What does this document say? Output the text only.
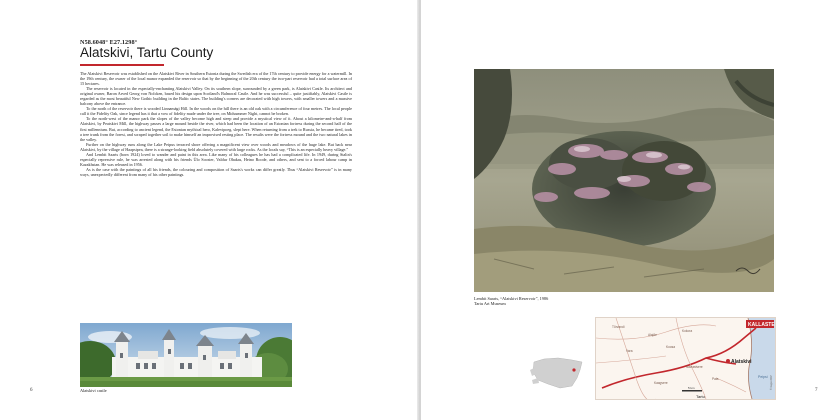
N58.6048° E27.1298°
Alatskivi, Tartu County

The Alatskivi Reservoir was established on the Alatskivi River in Southern Estonia during the Swedish era of the 17th century to provide energy for a watermill. In the 19th century, the owner of the local manor expanded the reservoir so that by the beginning of the 20th century the two-part reservoir had a total surface area of 15 hectares.

The reservoir is located in the especially-enchanting Alatskivi Valley. On its southern slope, surrounded by a green park, is Alatskivi Castle. Its architect and original owner, Baron Arved Georg von Nolcken, based his design upon Scotland's Balmoral Castle. And he was successful – quite justifiably, Alatskivi Castle is regarded as the most beautiful New Gothic building in the Baltic states. The building's corners are decorated with high towers, with smaller towers and a massive balcony above the entrance.

To the north of the reservoir there is wooded Linnamägi Hill. In the woods on the hill there is an old oak with a circumference of four metres. The local people call it the Fidelity Oak, since legend has it that a vow of fidelity made under the tree, on Midsummer Night, cannot be broken.

To the north-west of the manor park the slopes of the valley become high and steep and provide a mystical view of it. About a kilometre-and-a-half from Alatskivi, by Peatskivi Mill, the highway passes a large mound beside the river, which had been the location of an Estonian fortress during the second half of the first millennium. But, according to ancient legend, the Estonian mythical hero, Kalevipoeg, slept here. When returning from a trek to Russia, he became tired, took a tree trunk from the forest, and scraped together soil to make himself an improvised resting place. The results were the fortress mound and the two natural lakes in the valley.

Further on the highway runs along the Lake Peipus terraced shore offering a magnificent view over woods and meadows of the huge lake. But back near Alatskivi, by the village of Haapsipea, there is a strange-looking field absolutely covered with large rocks. As the locals say, “This is an especially heavy village.”

And Lembit Saarts (born 1924) loved to wander and paint in this area. Like many of his colleagues he has had a complicated life. In 1949, during Stalin's especially repressive rule, he was arrested along with his friends Ülo Sooster, Valdur Ohakas, Heino Roode, and others, and sent to a forced labour camp in Kazakhstan. He was released in 1956.

As is the case with the paintings of all his friends, the colouring and composition of Saarts's works can differ greatly. Thus “Alatskivi Reservoir” is in many ways, unexpectedly different from many of his other paintings.

Alatskivi castle
6	7
Lembit Saarts, “Alatskivi Reservoir”, 1986
Tartu Art Museum
Tõrvandi
Alajõe
Kokora
Vara
Koosa
Saviastvere
Kaagvere
Pala
KALLASTE
Alatskivi
Peipsi
5 km
Tartu
© Regio 2007
